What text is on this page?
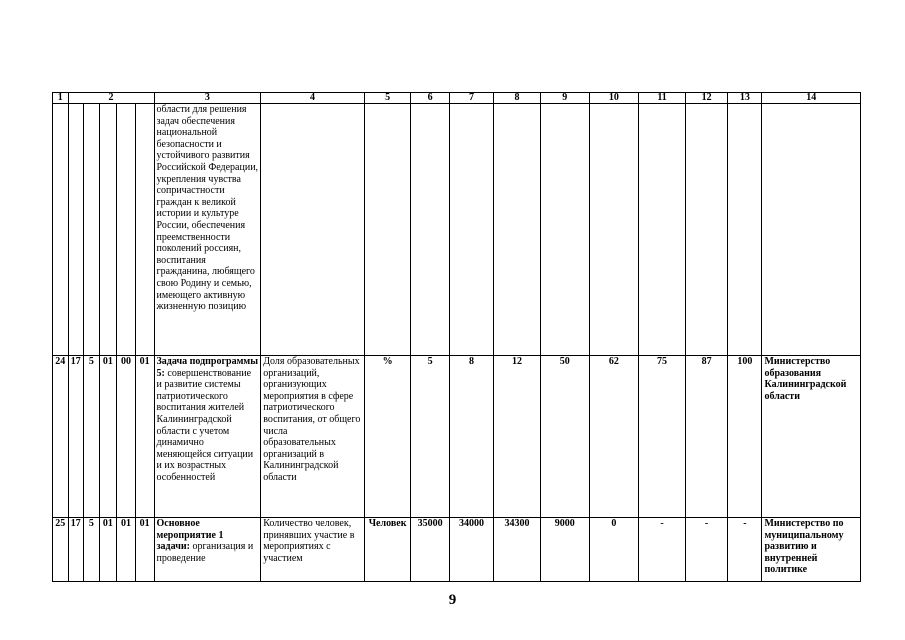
1	2					3	4	5	6	7	8	9	10	11	12	13	14
						области для решения задач обеспечения национальной безопасности и устойчивого развития Российской Федерации, укрепления чувства сопричастности граждан к великой истории и культуре России, обеспечения преемственности поколений россиян, воспитания гражданина, любящего свою Родину и семью, имеющего активную жизненную позицию											
24	17	5	01	00	01	Задача подпрограммы 5: совершенствование и развитие системы патриотического воспитания жителей Калининградской области с учетом динамично меняющейся ситуации и их возрастных особенностей	Доля образовательных организаций, организующих мероприятия в сфере патриотического воспитания, от общего числа образовательных организаций в Калининградской области	%	5	8	12	50	62	75	87	100	Министерство образования Калининградской области
25	17	5	01	01	01	Основное мероприятие 1 задачи: организация и проведение	Количество человек, принявших участие в мероприятиях с участием	Человек	35000	34000	34300	9000	0	-	-	-	Министерство по муниципальному развитию и внутренней политике
9
